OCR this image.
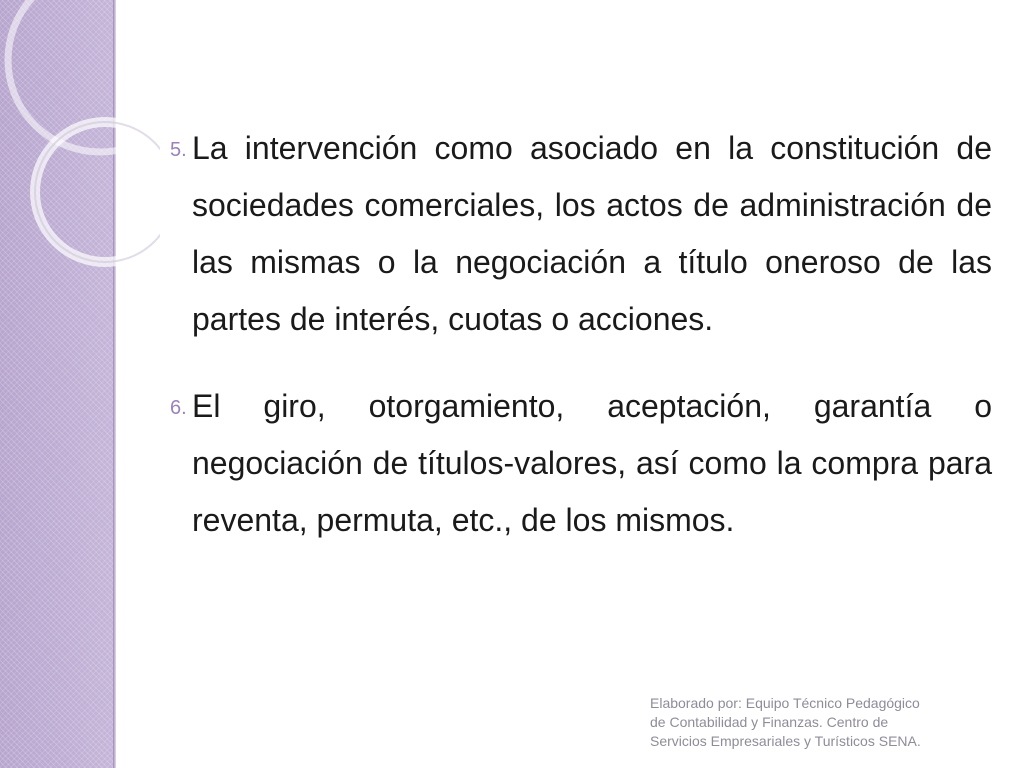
5. La intervención como asociado en la constitución de sociedades comerciales, los actos de administración de las mismas o la negociación a título oneroso de las partes de interés, cuotas o acciones.
6. El giro, otorgamiento, aceptación, garantía o negociación de títulos-valores, así como la compra para reventa, permuta, etc., de los mismos.
Elaborado por: Equipo Técnico Pedagógico
de Contabilidad y Finanzas. Centro de
Servicios Empresariales y Turísticos SENA.
